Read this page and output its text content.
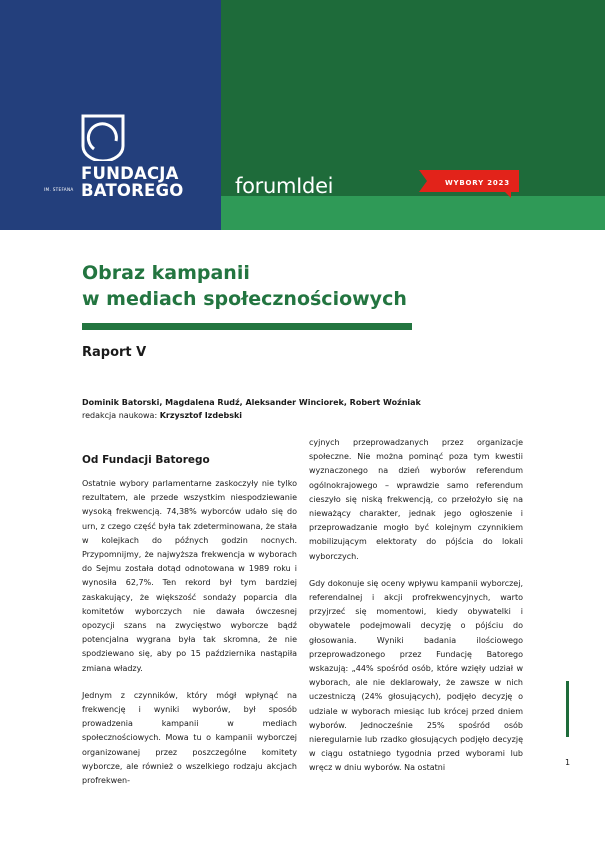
FUNDACJA
BATOREGO
IM. STEFANA	forumIdei	WYBORY 2023
Obraz kampanii
w mediach społecznościowych
Raport V
Dominik Batorski, Magdalena Rudź, Aleksander Winciorek, Robert Woźniak
redakcja naukowa: Krzysztof Izdebski

Od Fundacji Batorego

Ostatnie wybory parlamentarne zaskoczyły nie tylko rezultatem, ale przede wszystkim niespodziewanie wysoką frekwencją. 74,38% wyborców udało się do urn, z czego część była tak zdeterminowana, że stała w kolejkach do późnych godzin nocnych. Przypomnijmy, że najwyższa frekwencja w wyborach do Sejmu została dotąd odnotowana w 1989 roku i wynosiła 62,7%. Ten rekord był tym bardziej zaskakujący, że większość sondaży poparcia dla komitetów wyborczych nie dawała ówczesnej opozycji szans na zwycięstwo wyborcze bądź potencjalna wygrana była tak skromna, że nie spodziewano się, aby po 15 października nastąpiła zmiana władzy.

Jednym z czynników, który mógł wpłynąć na frekwencję i wyniki wyborów, był sposób prowadzenia kampanii w mediach społecznościowych. Mowa tu o kampanii wyborczej organizowanej przez poszczególne komitety wyborcze, ale również o wszelkiego rodzaju akcjach profrekwen-

cyjnych przeprowadzanych przez organizacje społeczne. Nie można pominąć poza tym kwestii wyznaczonego na dzień wyborów referendum ogólnokrajowego – wprawdzie samo referendum cieszyło się niską frekwencją, co przełożyło się na nieważący charakter, jednak jego ogłoszenie i przeprowadzanie mogło być kolejnym czynnikiem mobilizującym elektoraty do pójścia do lokali wyborczych.

Gdy dokonuje się oceny wpływu kampanii wyborczej, referendalnej i akcji profrekwencyjnych, warto przyjrzeć się momentowi, kiedy obywatelki i obywatele podejmowali decyzję o pójściu do głosowania. Wyniki badania ilościowego przeprowadzonego przez Fundację Batorego wskazują: „44% spośród osób, które wzięły udział w wyborach, ale nie deklarowały, że zawsze w nich uczestniczą (24% głosujących), podjęło decyzję o udziale w wyborach miesiąc lub krócej przed dniem wyborów. Jednocześnie 25% spośród osób nieregularnie lub rzadko głosujących podjęło decyzję w ciągu ostatniego tygodnia przed wyborami lub wręcz w dniu wyborów. Na ostatni

1
